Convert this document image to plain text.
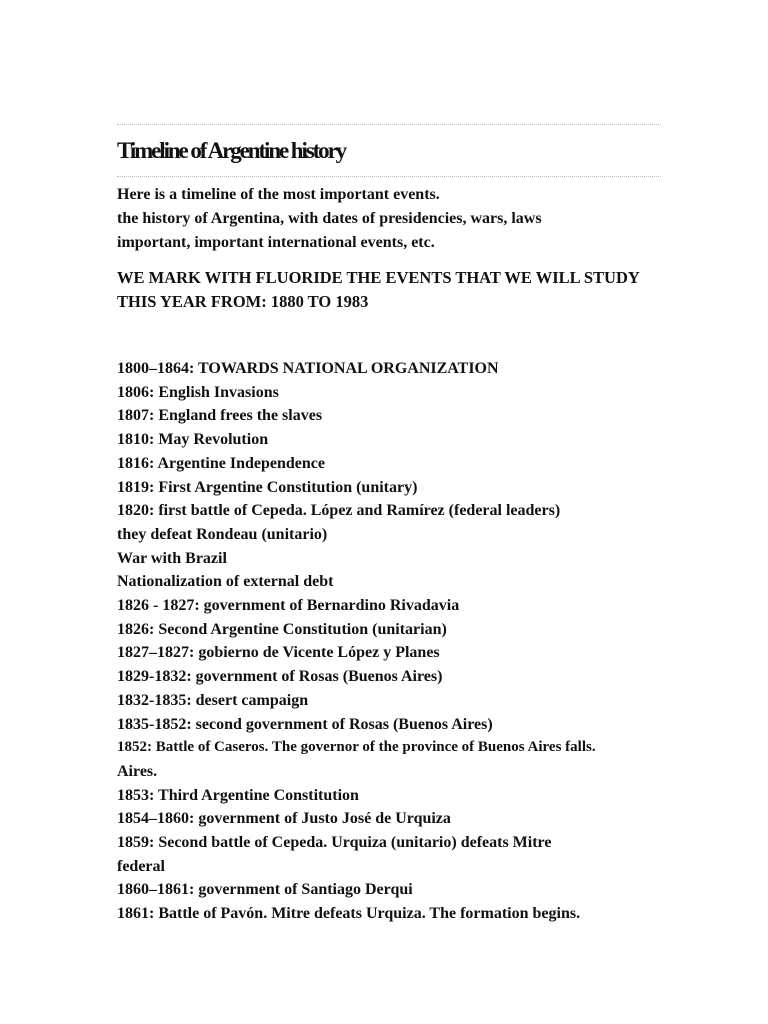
Timeline of Argentine history

Here is a timeline of the most important events.
the history of Argentina, with dates of presidencies, wars, laws
important, important international events, etc.

WE MARK WITH FLUORIDE THE EVENTS THAT WE WILL STUDY
THIS YEAR FROM: 1880 TO 1983

1800–1864: TOWARDS NATIONAL ORGANIZATION
1806: English Invasions
1807: England frees the slaves
1810: May Revolution
1816: Argentine Independence
1819: First Argentine Constitution (unitary)
1820: first battle of Cepeda. López and Ramírez (federal leaders)
they defeat Rondeau (unitario)
War with Brazil
Nationalization of external debt
1826 - 1827: government of Bernardino Rivadavia
1826: Second Argentine Constitution (unitarian)
1827–1827: gobierno de Vicente López y Planes
1829-1832: government of Rosas (Buenos Aires)
1832-1835: desert campaign
1835-1852: second government of Rosas (Buenos Aires)
1852: Battle of Caseros. The governor of the province of Buenos Aires falls.
Aires.
1853: Third Argentine Constitution
1854–1860: government of Justo José de Urquiza
1859: Second battle of Cepeda. Urquiza (unitario) defeats Mitre
federal
1860–1861: government of Santiago Derqui
1861: Battle of Pavón. Mitre defeats Urquiza. The formation begins.
